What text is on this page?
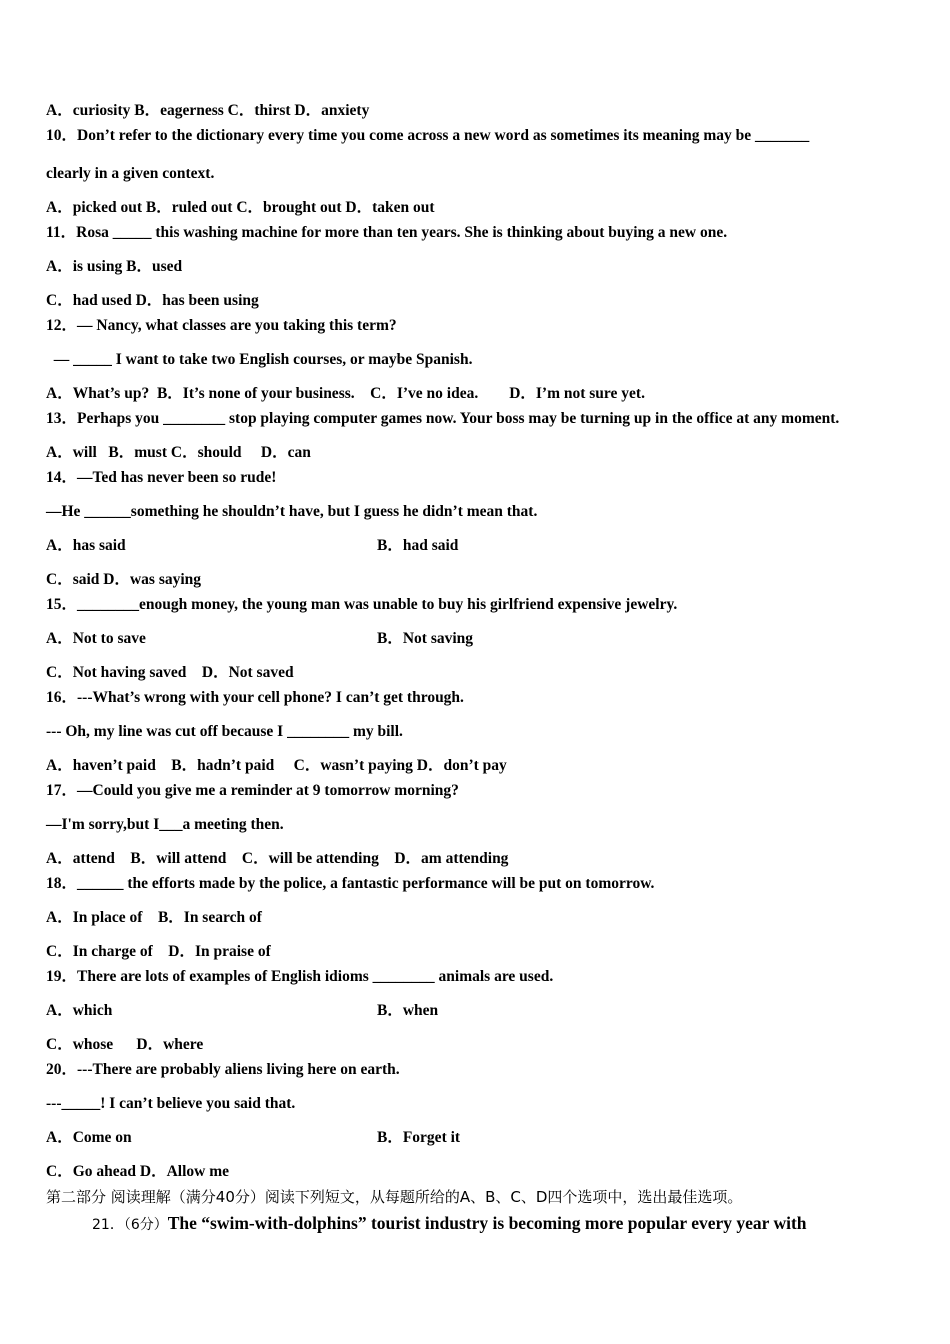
A．curiosity B．eagerness C．thirst D．anxiety
10．Don’t refer to the dictionary every time you come across a new word as sometimes its meaning may be _______
clearly in a given context.
A．picked out B．ruled out C．brought out D．taken out
11．Rosa _____ this washing machine for more than ten years. She is thinking about buying a new one.
A．is using B．used
C．had used D．has been using
12．— Nancy, what classes are you taking this term?
— _____ I want to take two English courses, or maybe Spanish.
A．What’s up?  B．It’s none of your business.    C．I’ve no idea.        D．I’m not sure yet.
13．Perhaps you ________ stop playing computer games now. Your boss may be turning up in the office at any moment.
A．will   B．must C．should     D．can
14．—Ted has never been so rude!
—He ______something he shouldn’t have, but I guess he didn’t mean that.
A．has said	B．had said
C．said D．was saying
15．________enough money, the young man was unable to buy his girlfriend expensive jewelry.
A．Not to save	B．Not saving
C．Not having saved    D．Not saved
16．---What’s wrong with your cell phone? I can’t get through.
--- Oh, my line was cut off because I ________ my bill.
A．haven’t paid    B．hadn’t paid     C．wasn’t paying D．don’t pay
17．—Could you give me a reminder at 9 tomorrow morning?
—I'm sorry,but I___a meeting then.
A．attend    B．will attend    C．will be attending    D．am attending
18．______ the efforts made by the police, a fantastic performance will be put on tomorrow.
A．In place of    B．In search of
C．In charge of    D．In praise of
19．There are lots of examples of English idioms ________ animals are used.
A．which	B．when
C．whose      D．where
20．---There are probably aliens living here on earth.
---_____! I can’t believe you said that.
A．Come on	B．Forget it
C．Go ahead D．Allow me
第二部分 阅读理解（满分40分）阅读下列短文，从每题所给的A、B、C、D四个选项中，选出最佳选项。
21．（6分）The “swim-with-dolphins” tourist industry is becoming more popular every year with
